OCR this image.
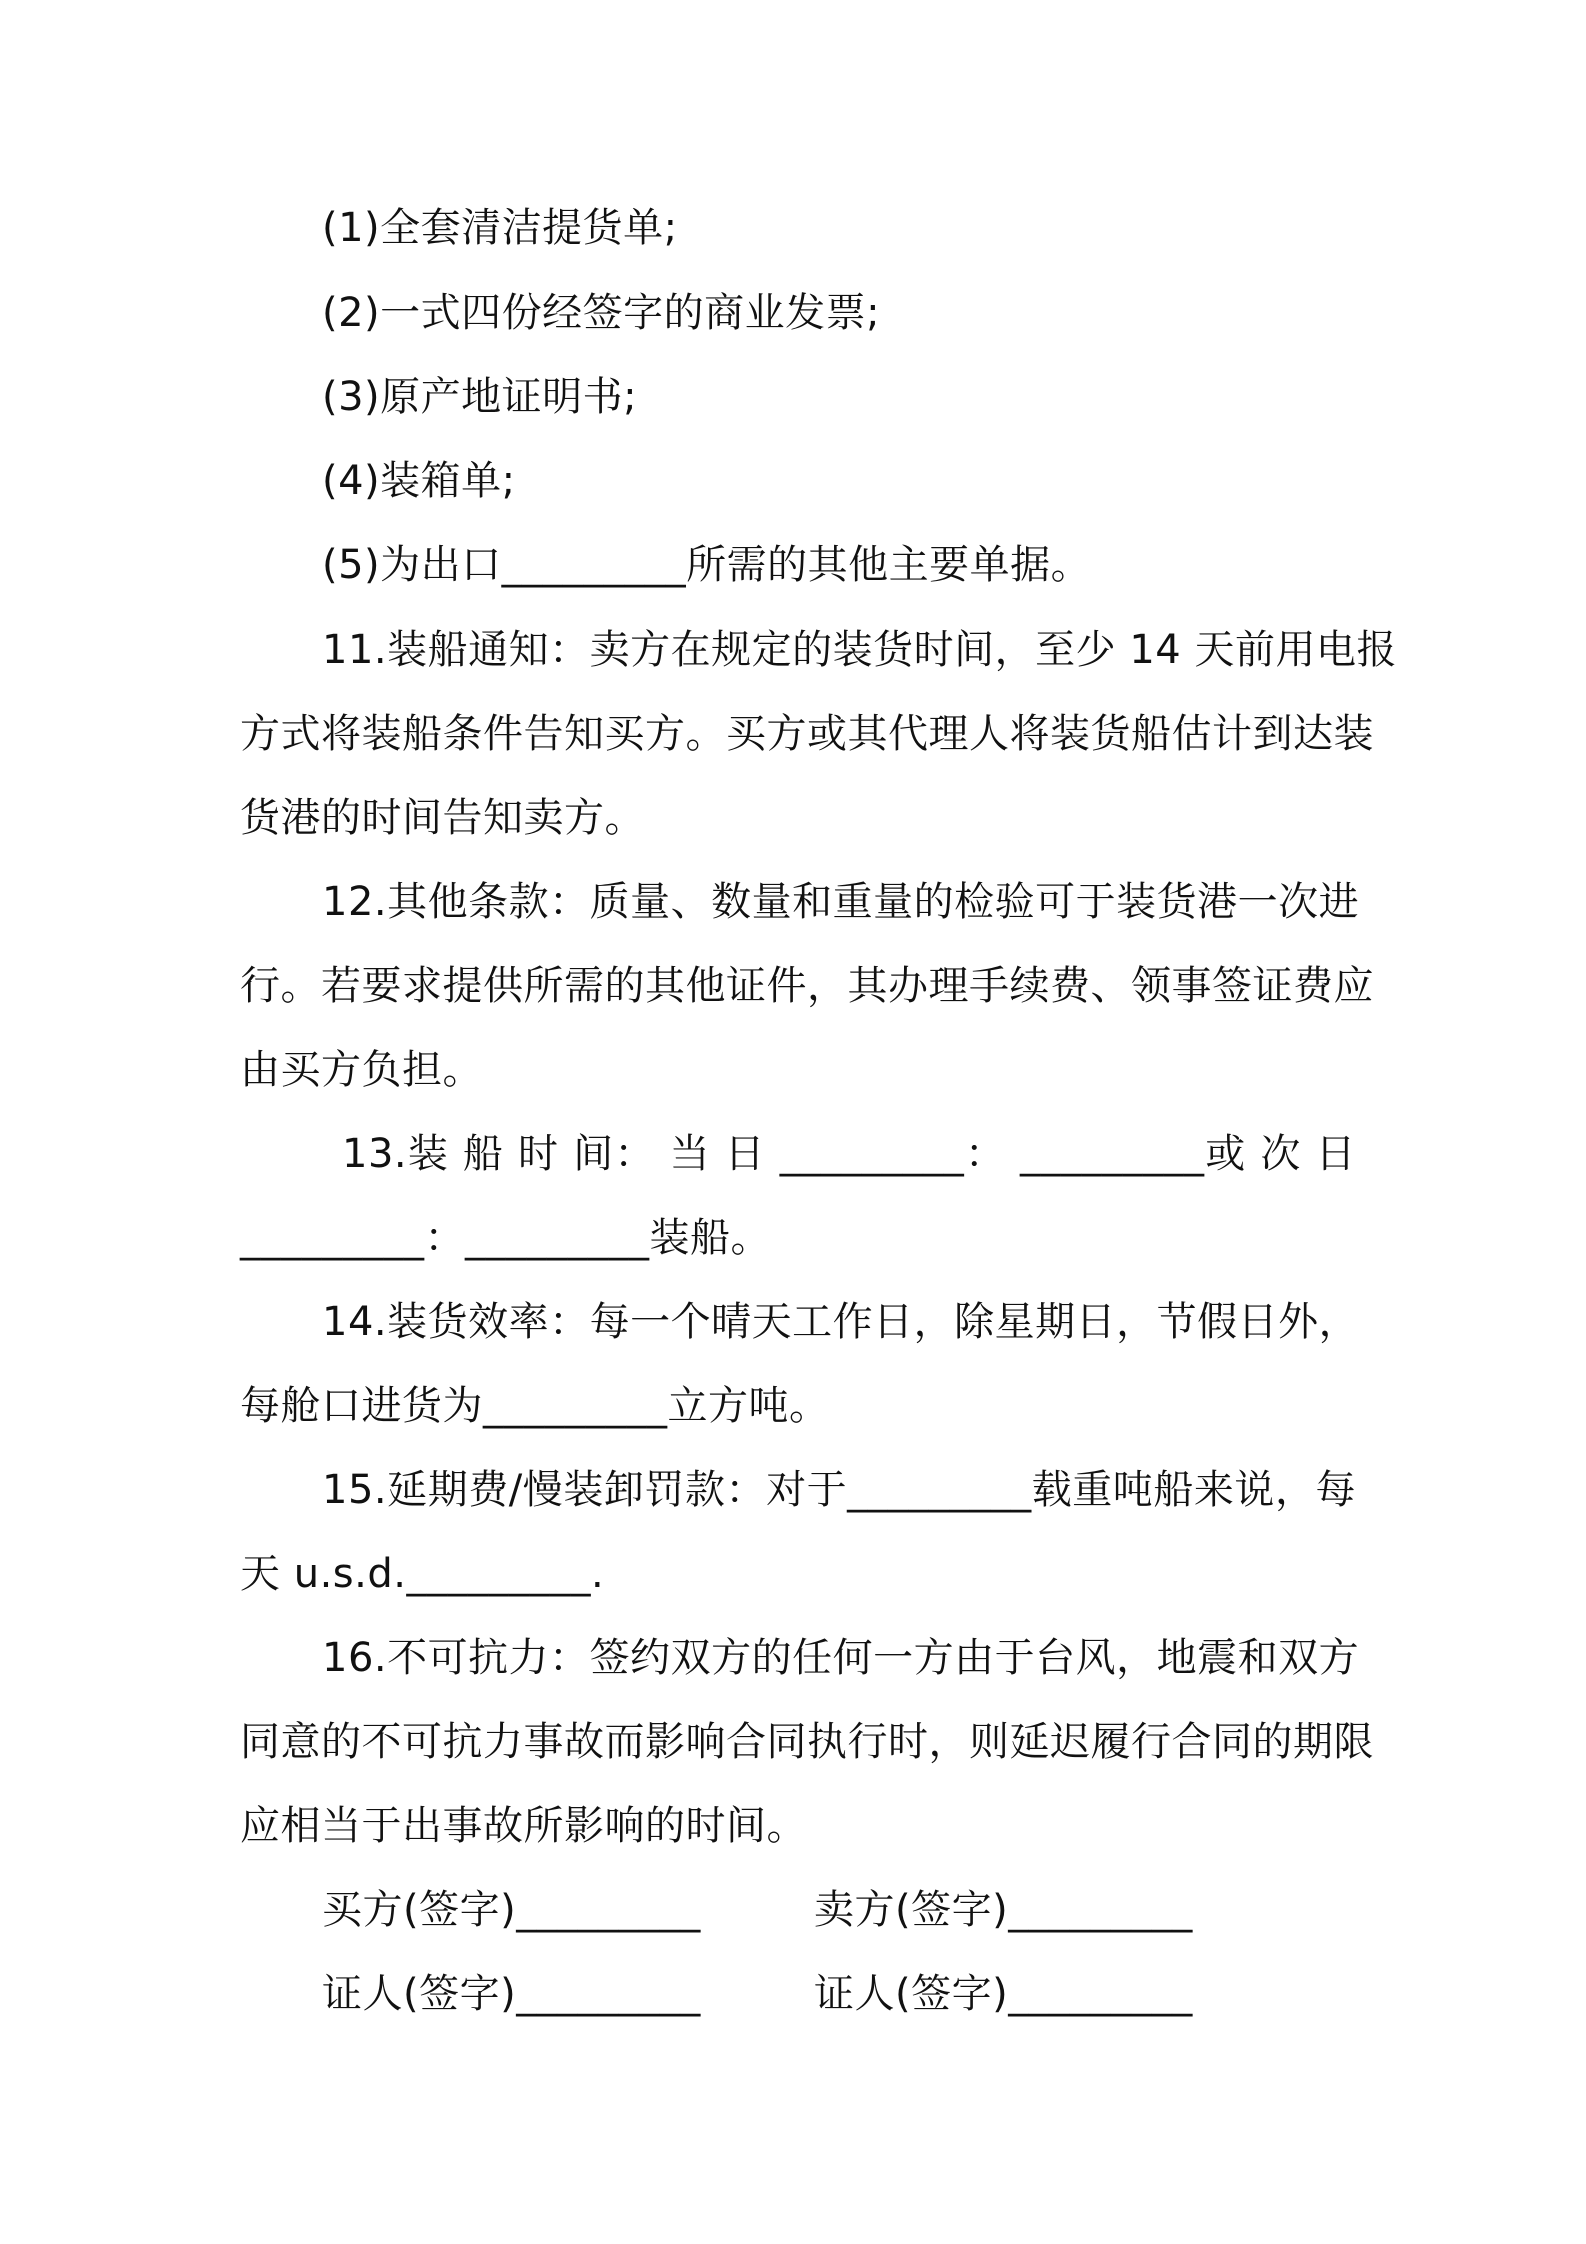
(1)全套清洁提货单;
(2)一式四份经签字的商业发票;
(3)原产地证明书;
(4)装箱单;
(5)为出口_________所需的其他主要单据。
11.装船通知：卖方在规定的装货时间，至少 14 天前用电报
方式将装船条件告知买方。买方或其代理人将装货船估计到达装
货港的时间告知卖方。
12.其他条款：质量、数量和重量的检验可于装货港一次进
行。若要求提供所需的其他证件，其办理手续费、领事签证费应
由买方负担。
13.装 船 时 间： 当 日 _________： _________或 次 日
_________：_________装船。
14.装货效率：每一个晴天工作日，除星期日，节假日外，
每舱口进货为_________立方吨。
15.延期费/慢装卸罚款：对于_________载重吨船来说，每
天 u.s.d._________.
16.不可抗力：签约双方的任何一方由于台风，地震和双方
同意的不可抗力事故而影响合同执行时，则延迟履行合同的期限
应相当于出事故所影响的时间。
买方(签字)_________	卖方(签字)_________
证人(签字)_________	证人(签字)_________
